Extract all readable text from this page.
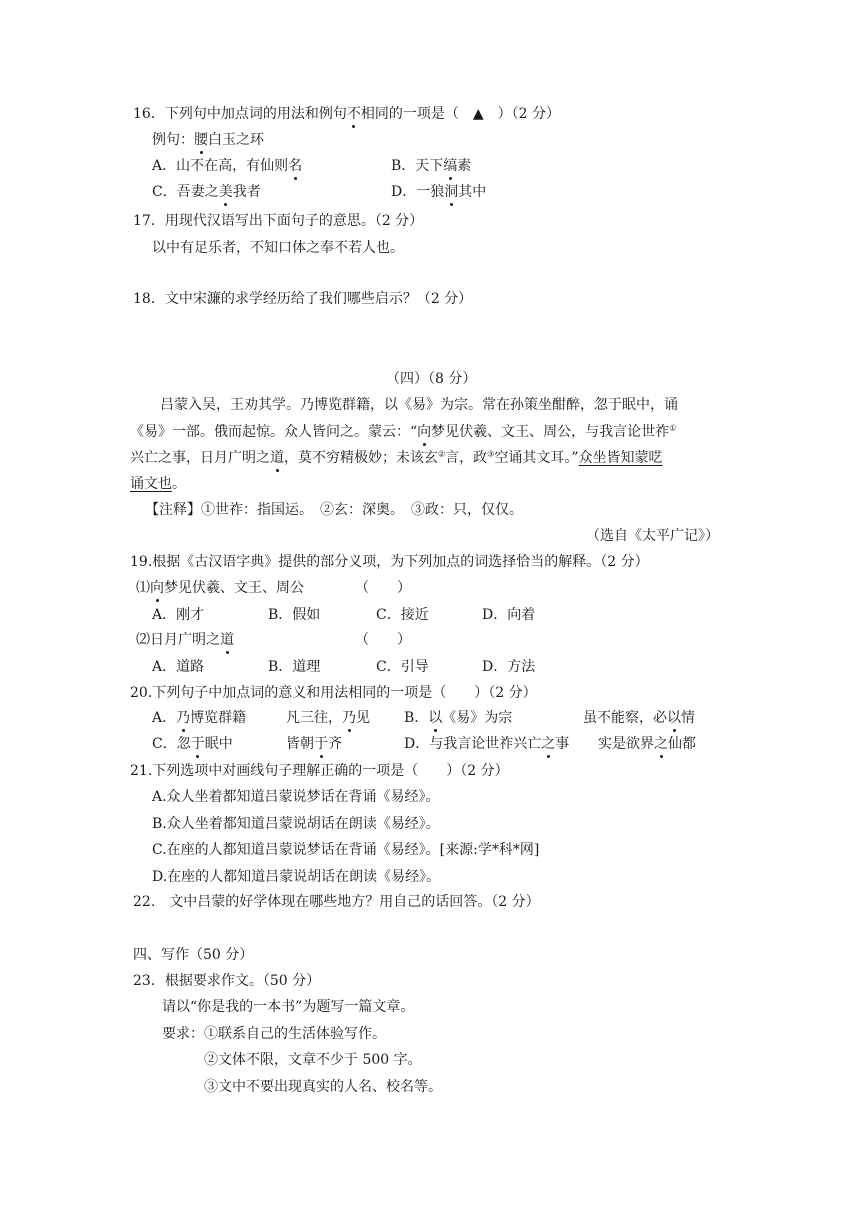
16．下列句中加点词的用法和例句不相同的一项是（　▲　）（2 分）
例句：腰白玉之环
A．山不在高，有仙则名	B．天下缟素
C．吾妻之美我者	D．一狼洞其中
17．用现代汉语写出下面句子的意思。（2 分）
以中有足乐者，不知口体之奉不若人也。
18．文中宋濂的求学经历给了我们哪些启示？（2 分）
（四）（8 分）
吕蒙入吴，王劝其学。乃博览群籍，以《易》为宗。常在孙策坐酣醉，忽于眠中，诵
《易》一部。俄而起惊。众人皆问之。蒙云：“向梦见伏羲、文王、周公，与我言论世祚①
兴亡之事，日月广明之道，莫不穷精极妙；未该玄②言，政③空诵其文耳。”众坐皆知蒙呓
诵文也。
【注释】①世祚：指国运。　②玄：深奥。　③政：只，仅仅。
（选自《太平广记》）
19.根据《古汉语字典》提供的部分义项，为下列加点的词选择恰当的解释。（2 分）
⑴向梦见伏羲、文王、周公	（　　）
A．刚才	B．假如	C．接近	D．向着
⑵日月广明之道	（　　）
A．道路	B．道理	C．引导	D．方法
20.下列句子中加点词的意义和用法相同的一项是（　　）（2 分）
A．乃博览群籍	凡三往，乃见 B．以《易》为宗	虽不能察，必以情
C．忽于眠中	皆朝于齐	D．与我言论世祚兴亡之事 实是欲界之仙都
21.下列选项中对画线句子理解正确的一项是（　　）（2 分）
A.众人坐着都知道吕蒙说梦话在背诵《易经》。
B.众人坐着都知道吕蒙说胡话在朗读《易经》。
C.在座的人都知道吕蒙说梦话在背诵《易经》。[来源:学*科*网]
D.在座的人都知道吕蒙说胡话在朗读《易经》。
22.　文中吕蒙的好学体现在哪些地方？用自己的话回答。（2 分）
四、写作（50 分）
23．根据要求作文。（50 分）
请以“你是我的一本书”为题写一篇文章。
要求：①联系自己的生活体验写作。
②文体不限，文章不少于 500 字。
③文中不要出现真实的人名、校名等。
